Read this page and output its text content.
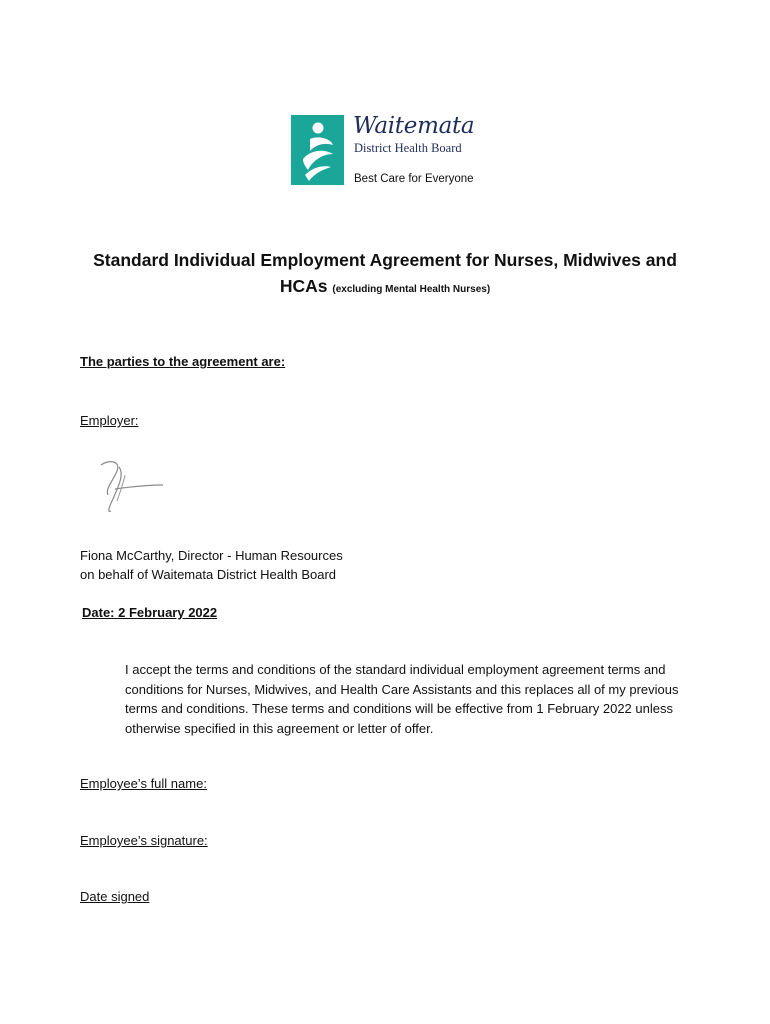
Waitemata
District Health Board
Best Care for Everyone
Standard Individual Employment Agreement for Nurses, Midwives and
HCAs (excluding Mental Health Nurses)
The parties to the agreement are:
Employer:
Fiona McCarthy, Director - Human Resources
on behalf of Waitemata District Health Board
Date: 2 February 2022
I accept the terms and conditions of the standard individual employment agreement terms and conditions for Nurses, Midwives, and Health Care Assistants and this replaces all of my previous terms and conditions. These terms and conditions will be effective from 1 February 2022 unless otherwise specified in this agreement or letter of offer.
Employee’s full name:
Employee’s signature:
Date signed
